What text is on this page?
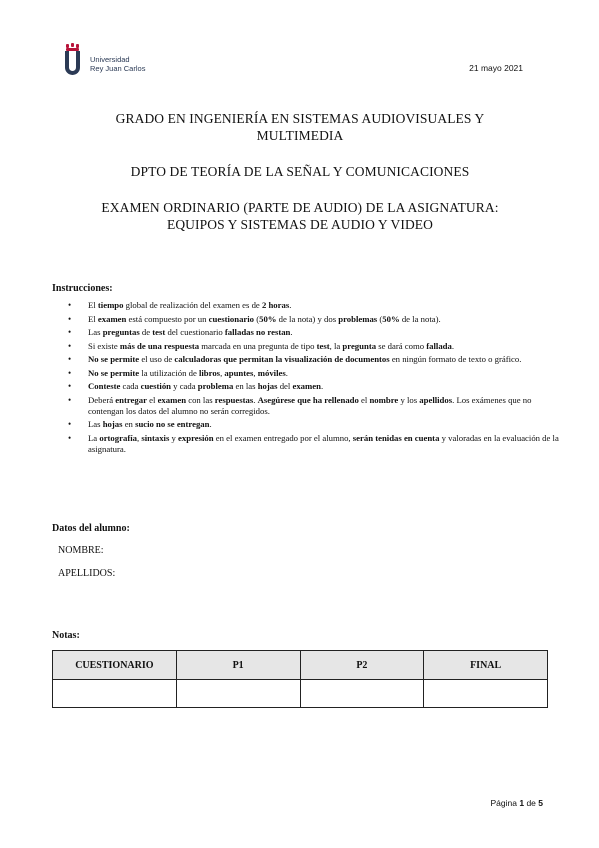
Universidad
Rey Juan Carlos	21 mayo 2021
GRADO EN INGENIERÍA EN SISTEMAS AUDIOVISUALES Y
MULTIMEDIA
DPTO DE TEORÍA DE LA SEÑAL Y COMUNICACIONES
EXAMEN ORDINARIO (PARTE DE AUDIO) DE LA ASIGNATURA:
EQUIPOS Y SISTEMAS DE AUDIO Y VIDEO
Instrucciones:
• El tiempo global de realización del examen es de 2 horas.
• El examen está compuesto por un cuestionario (50% de la nota) y dos problemas (50% de la nota).
• Las preguntas de test del cuestionario falladas no restan.
• Si existe más de una respuesta marcada en una pregunta de tipo test, la pregunta se dará como fallada.
• No se permite el uso de calculadoras que permitan la visualización de documentos en ningún formato de texto o gráfico.
• No se permite la utilización de libros, apuntes, móviles.
• Conteste cada cuestión y cada problema en las hojas del examen.
• Deberá entregar el examen con las respuestas. Asegúrese que ha rellenado el nombre y los apellidos. Los exámenes que no contengan los datos del alumno no serán corregidos.
• Las hojas en sucio no se entregan.
• La ortografía, sintaxis y expresión en el examen entregado por el alumno, serán tenidas en cuenta y valoradas en la evaluación de la asignatura.
Datos del alumno:
NOMBRE:
APELLIDOS:
Notas:
CUESTIONARIO	P1	P2	FINAL

Página 1 de 5
